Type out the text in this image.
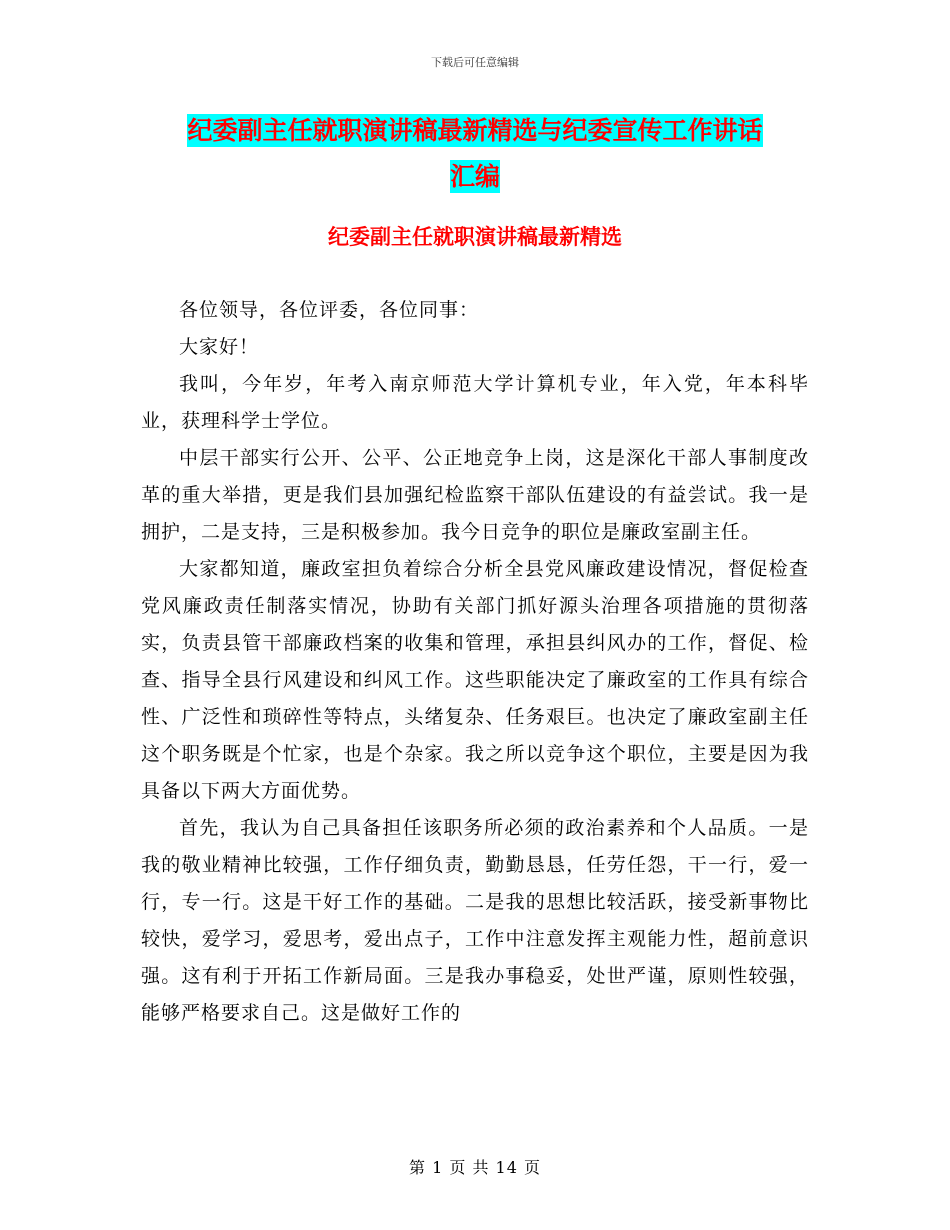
下载后可任意编辑
纪委副主任就职演讲稿最新精选与纪委宣传工作讲话
汇编
纪委副主任就职演讲稿最新精选

各位领导，各位评委，各位同事：

大家好！

我叫，今年岁，年考入南京师范大学计算机专业，年入党，年本科毕业，获理科学士学位。

中层干部实行公开、公平、公正地竞争上岗，这是深化干部人事制度改革的重大举措，更是我们县加强纪检监察干部队伍建设的有益尝试。我一是拥护，二是支持，三是积极参加。我今日竞争的职位是廉政室副主任。

大家都知道，廉政室担负着综合分析全县党风廉政建设情况，督促检查党风廉政责任制落实情况，协助有关部门抓好源头治理各项措施的贯彻落实，负责县管干部廉政档案的收集和管理，承担县纠风办的工作，督促、检查、指导全县行风建设和纠风工作。这些职能决定了廉政室的工作具有综合性、广泛性和琐碎性等特点，头绪复杂、任务艰巨。也决定了廉政室副主任这个职务既是个忙家，也是个杂家。我之所以竞争这个职位，主要是因为我具备以下两大方面优势。

首先，我认为自己具备担任该职务所必须的政治素养和个人品质。一是我的敬业精神比较强，工作仔细负责，勤勤恳恳，任劳任怨，干一行，爱一行，专一行。这是干好工作的基础。二是我的思想比较活跃，接受新事物比较快，爱学习，爱思考，爱出点子，工作中注意发挥主观能力性，超前意识强。这有利于开拓工作新局面。三是我办事稳妥，处世严谨，原则性较强，能够严格要求自己。这是做好工作的

第 1 页 共 14 页
